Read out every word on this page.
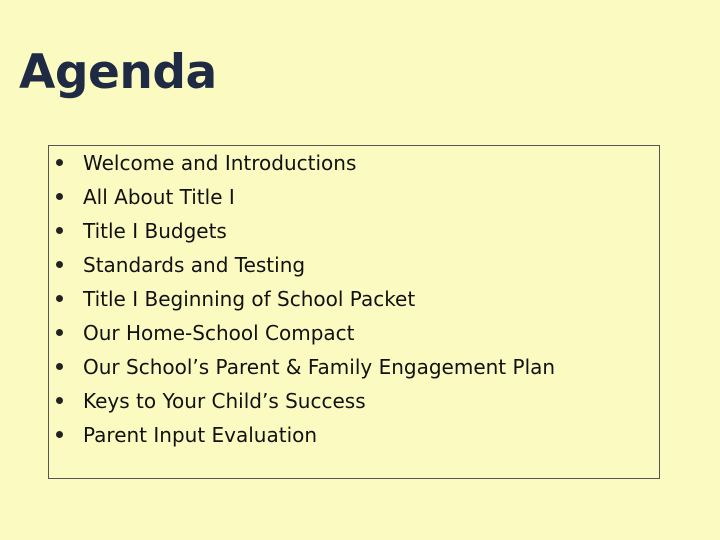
Agenda
Welcome and Introductions
All About Title I
Title I Budgets
Standards and Testing
Title I Beginning of School Packet
Our Home-School Compact
Our School’s Parent & Family Engagement Plan
Keys to Your Child’s Success
Parent Input Evaluation
